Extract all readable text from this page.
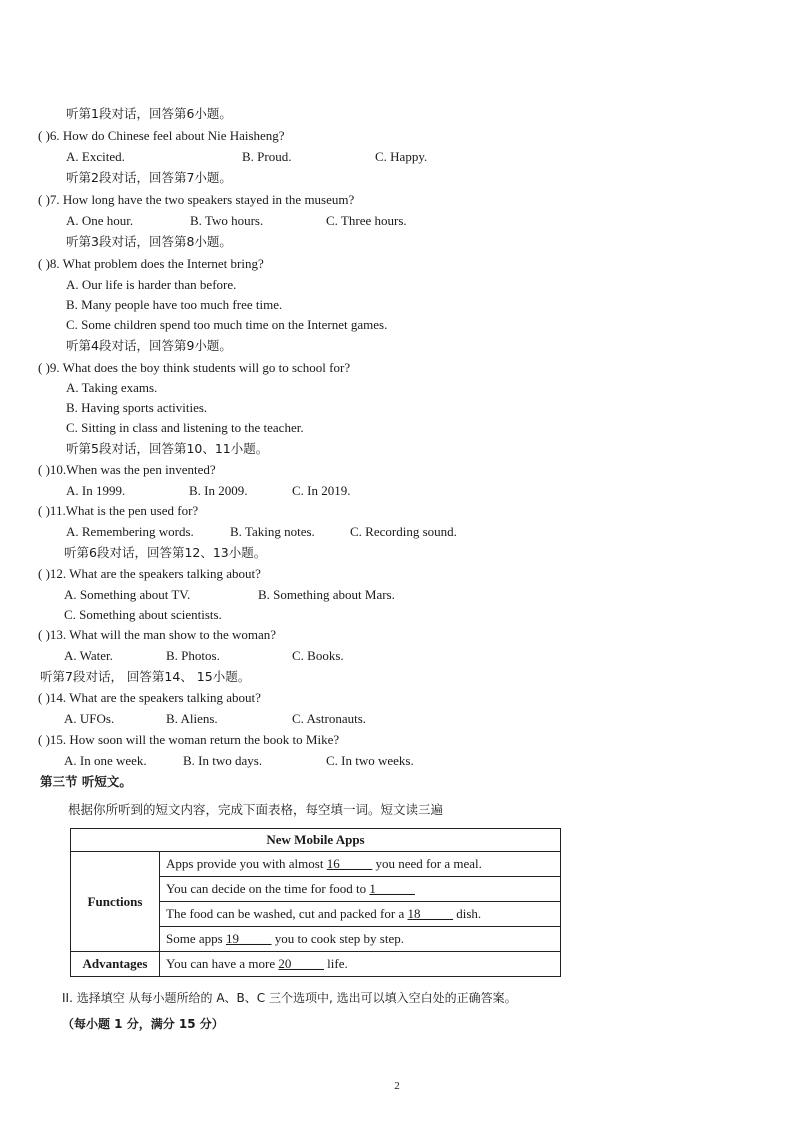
听第1段对话，回答第6小题。
( )6. How do Chinese feel about Nie Haisheng?
A. Excited.	B. Proud.	C. Happy.
听第2段对话，回答第7小题。
( )7. How long have the two speakers stayed in the museum?
A. One hour.	B. Two hours.	C. Three hours.
听第3段对话，回答第8小题。
( )8. What problem does the Internet bring?
A. Our life is harder than before.
B. Many people have too much free time.
C. Some children spend too much time on the Internet games.
听第4段对话，回答第9小题。
( )9. What does the boy think students will go to school for?
A. Taking exams.
B. Having sports activities.
C. Sitting in class and listening to the teacher.
听第5段对话，回答第10、11小题。
( )10.When was the pen invented?
A. In 1999.	B. In 2009.	C. In 2019.
( )11.What is the pen used for?
A. Remembering words.	B. Taking notes.	C. Recording sound.
听第6段对话，回答第12、13小题。
( )12. What are the speakers talking about?
A. Something about TV.	B. Something about Mars.
C. Something about scientists.
( )13. What will the man show to the woman?
A. Water.	B. Photos.	C. Books.
听第7段对话， 回答第14、 15小题。
( )14. What are the speakers talking about?
A. UFOs.	B. Aliens.	C. Astronauts.
( )15. How soon will the woman return the book to Mike?
A. In one week.	B. In two days.	C. In two weeks.
第三节 听短文。
根据你所听到的短文内容，完成下面表格，每空填一词。短文读三遍
New Mobile Apps	
Functions	Apps provide you with almost 16_____ you need for a meal.
	You can decide on the time for food to 1______
	The food can be washed, cut and packed for a 18_____ dish.
	Some apps 19_____ you to cook step by step.
Advantages	You can have a more 20_____ life.
II. 选择填空 从每小题所给的 A、B、C 三个选项中, 选出可以填入空白处的正确答案。
（每小题 1 分，满分 15 分）
2
